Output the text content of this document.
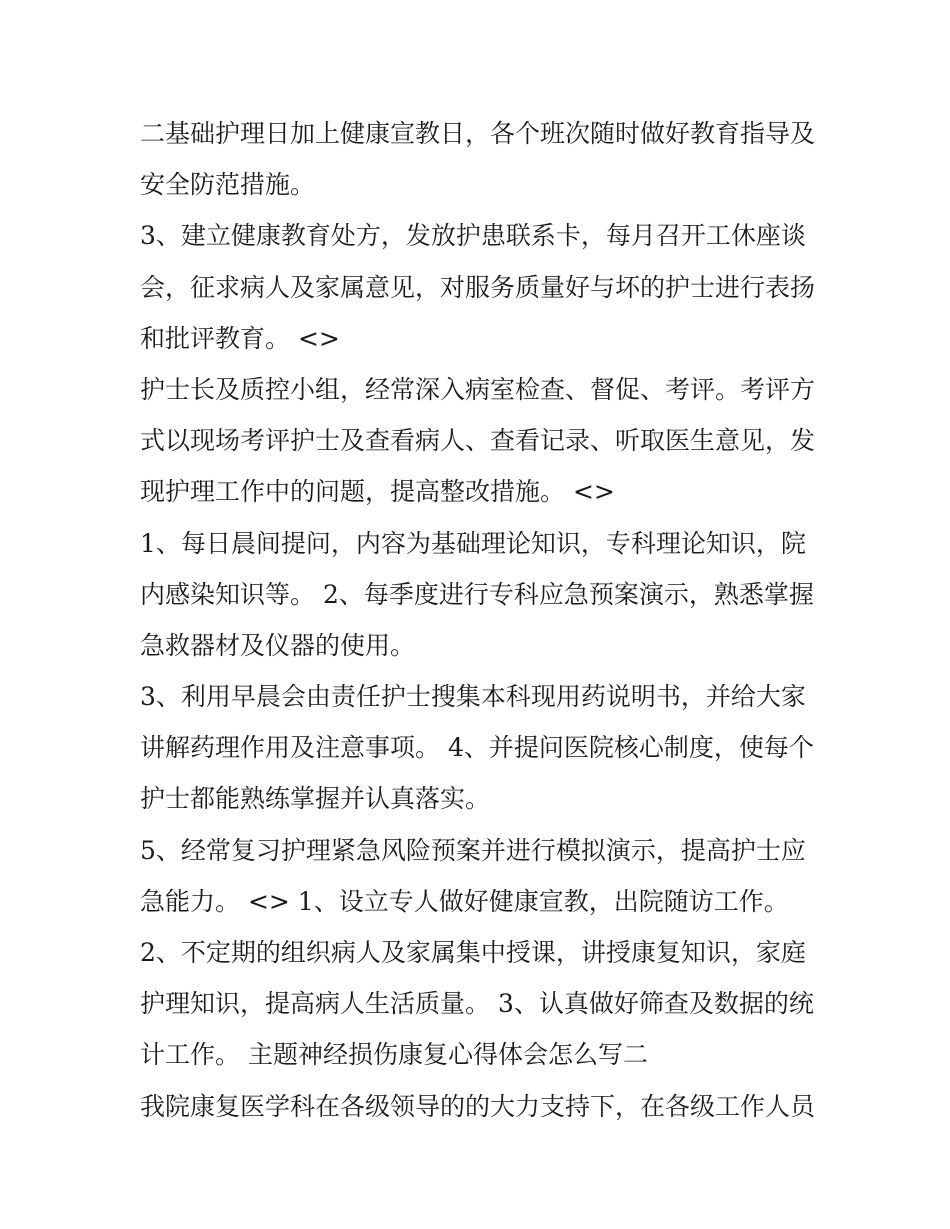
二基础护理日加上健康宣教日，各个班次随时做好教育指导及
安全防范措施。
3、建立健康教育处方，发放护患联系卡，每月召开工休座谈
会，征求病人及家属意见，对服务质量好与坏的护士进行表扬
和批评教育。 <>
护士长及质控小组，经常深入病室检查、督促、考评。考评方
式以现场考评护士及查看病人、查看记录、听取医生意见，发
现护理工作中的问题，提高整改措施。 <>
1、每日晨间提问，内容为基础理论知识，专科理论知识，院
内感染知识等。 2、每季度进行专科应急预案演示，熟悉掌握
急救器材及仪器的使用。
3、利用早晨会由责任护士搜集本科现用药说明书，并给大家
讲解药理作用及注意事项。 4、并提问医院核心制度，使每个
护士都能熟练掌握并认真落实。
5、经常复习护理紧急风险预案并进行模拟演示，提高护士应
急能力。 <> 1、设立专人做好健康宣教，出院随访工作。
2、不定期的组织病人及家属集中授课，讲授康复知识，家庭
护理知识，提高病人生活质量。 3、认真做好筛查及数据的统
计工作。 主题神经损伤康复心得体会怎么写二
我院康复医学科在各级领导的的大力支持下，在各级工作人员
